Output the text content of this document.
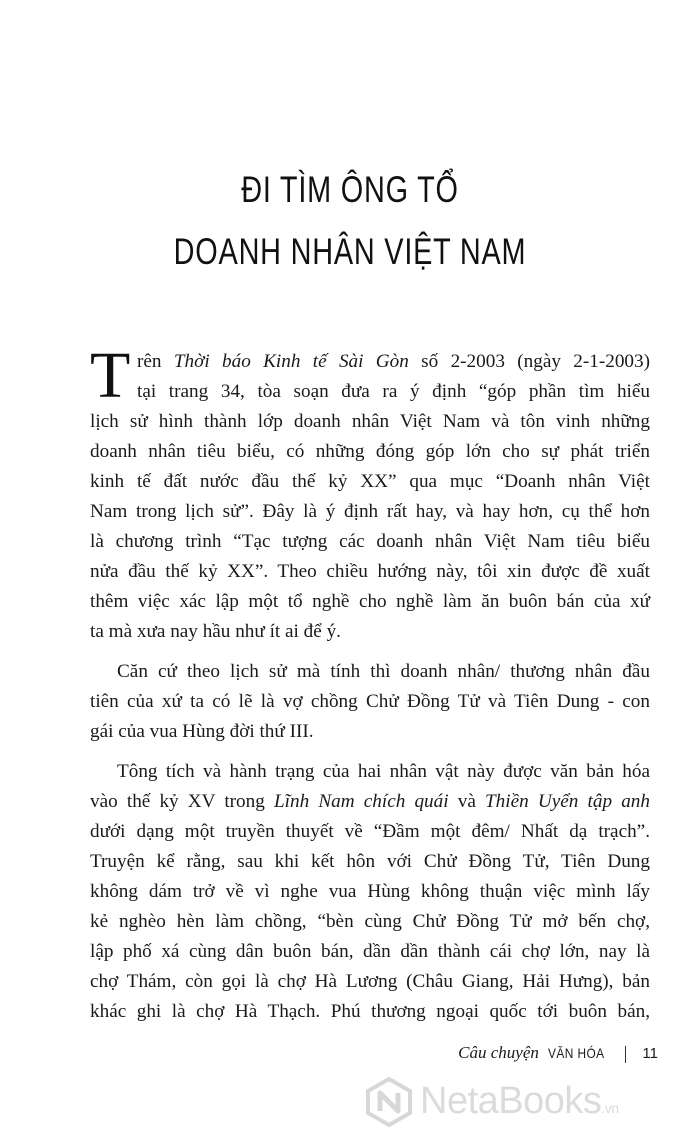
ĐI TÌM ÔNG TỔ
DOANH NHÂN VIỆT NAM
T rên Thời báo Kinh tế Sài Gòn số 2-2003 (ngày 2-1-2003)
tại trang 34, tòa soạn đưa ra ý định “góp phần tìm hiểu
lịch sử hình thành lớp doanh nhân Việt Nam và tôn vinh những
doanh nhân tiêu biểu, có những đóng góp lớn cho sự phát triển
kinh tế đất nước đầu thế kỷ XX” qua mục “Doanh nhân Việt
Nam trong lịch sử”. Đây là ý định rất hay, và hay hơn, cụ thể hơn
là chương trình “Tạc tượng các doanh nhân Việt Nam tiêu biểu
nửa đầu thế kỷ XX”. Theo chiều hướng này, tôi xin được đề xuất
thêm việc xác lập một tổ nghề cho nghề làm ăn buôn bán của xứ
ta mà xưa nay hầu như ít ai để ý.
Căn cứ theo lịch sử mà tính thì doanh nhân/ thương nhân đầu
tiên của xứ ta có lẽ là vợ chồng Chử Đồng Tử và Tiên Dung - con
gái của vua Hùng đời thứ III.
Tông tích và hành trạng của hai nhân vật này được văn bản hóa
vào thế kỷ XV trong Lĩnh Nam chích quái và Thiền Uyển tập anh
dưới dạng một truyền thuyết về “Đầm một đêm/ Nhất dạ trạch”.
Truyện kể rằng, sau khi kết hôn với Chử Đồng Tử, Tiên Dung
không dám trở về vì nghe vua Hùng không thuận việc mình lấy
kẻ nghèo hèn làm chồng, “bèn cùng Chử Đồng Tử mở bến chợ,
lập phố xá cùng dân buôn bán, dần dần thành cái chợ lớn, nay là
chợ Thám, còn gọi là chợ Hà Lương (Châu Giang, Hải Hưng), bản
khác ghi là chợ Hà Thạch. Phú thương ngoại quốc tới buôn bán,
Câu chuyện VĂN HÓA	11
NetaBooks.vn
